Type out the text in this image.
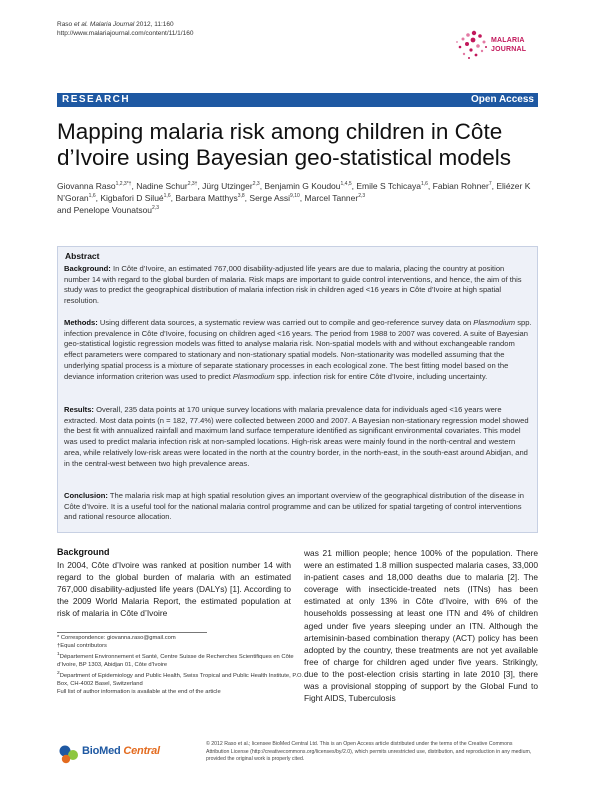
Raso et al. Malaria Journal 2012, 11:160
http://www.malariajournal.com/content/11/1/160
MALARIA
JOURNAL
RESEARCH	Open Access
Mapping malaria risk among children in Côte d’Ivoire using Bayesian geo-statistical models
Giovanna Raso$^{1,2,3*\dagger}$, Nadine Schur$^{2,3\dagger}$, Jürg Utzinger$^{2,3}$, Benjamin G Koudou$^{1,4,5}$, Emile S Tchicaya$^{1,6}$, Fabian Rohner$^7$, Eliézer K N’Goran$^{1,6}$, Kigbafori D Silué$^{1,6}$, Barbara Matthys$^{3,8}$, Serge Assi$^{9,10}$, Marcel Tanner$^{2,3}$
and Penelope Vounatsou$^{2,3}$
Abstract
Background: In Côte d’Ivoire, an estimated 767,000 disability-adjusted life years are due to malaria, placing the country at position number 14 with regard to the global burden of malaria. Risk maps are important to guide control interventions, and hence, the aim of this study was to predict the geographical distribution of malaria infection risk in children aged <16 years in Côte d’Ivoire at high spatial resolution.
Methods: Using different data sources, a systematic review was carried out to compile and geo-reference survey data on Plasmodium spp. infection prevalence in Côte d’Ivoire, focusing on children aged <16 years. The period from 1988 to 2007 was covered. A suite of Bayesian geo-statistical logistic regression models was fitted to analyse malaria risk. Non-spatial models with and without exchangeable random effect parameters were compared to stationary and non-stationary spatial models. Non-stationarity was modelled assuming that the underlying spatial process is a mixture of separate stationary processes in each ecological zone. The best fitting model based on the deviance information criterion was used to predict Plasmodium spp. infection risk for entire Côte d’Ivoire, including uncertainty.
Results: Overall, 235 data points at 170 unique survey locations with malaria prevalence data for individuals aged <16 years were extracted. Most data points (n = 182, 77.4%) were collected between 2000 and 2007. A Bayesian non-stationary regression model showed the best fit with annualized rainfall and maximum land surface temperature identified as significant environmental covariates. This model was used to predict malaria infection risk at non-sampled locations. High-risk areas were mainly found in the north-central and western area, while relatively low-risk areas were located in the north at the country border, in the north-east, in the south-east around Abidjan, and in the central-west between two high prevalence areas.
Conclusion: The malaria risk map at high spatial resolution gives an important overview of the geographical distribution of the disease in Côte d’Ivoire. It is a useful tool for the national malaria control programme and can be utilized for spatial targeting of control interventions and rational resource allocation.
Background
In 2004, Côte d’Ivoire was ranked at position number 14 with regard to the global burden of malaria with an estimated 767,000 disability-adjusted life years (DALYs) [1]. According to the 2009 World Malaria Report, the estimated population at risk of malaria in Côte d’Ivoire
was 21 million people; hence 100% of the population. There were an estimated 1.8 million suspected malaria cases, 33,000 in-patient cases and 18,000 deaths due to malaria [2]. The coverage with insecticide-treated nets (ITNs) has been estimated at only 13% in Côte d’Ivoire, with 6% of the households possessing at least one ITN and 4% of children aged under five years sleeping under an ITN. Although the artemisinin-based combination therapy (ACT) policy has been adopted by the country, these treatments are not yet available free of charge for children aged under five years. Strikingly, due to the post-election crisis starting in late 2010 [3], there was a provisional stopping of support by the Global Fund to Fight AIDS, Tuberculosis
* Correspondence: giovanna.raso@gmail.com
†Equal contributors
$^1$Département Environnement et Santé, Centre Suisse de Recherches Scientifiques en Côte d’Ivoire, BP 1303, Abidjan 01, Côte d’Ivoire
$^2$Department of Epidemiology and Public Health, Swiss Tropical and Public Health Institute, P.O. Box, CH-4002 Basel, Switzerland
Full list of author information is available at the end of the article
BioMed Central
© 2012 Raso et al.; licensee BioMed Central Ltd. This is an Open Access article distributed under the terms of the Creative Commons Attribution License (http://creativecommons.org/licenses/by/2.0), which permits unrestricted use, distribution, and reproduction in any medium, provided the original work is properly cited.
